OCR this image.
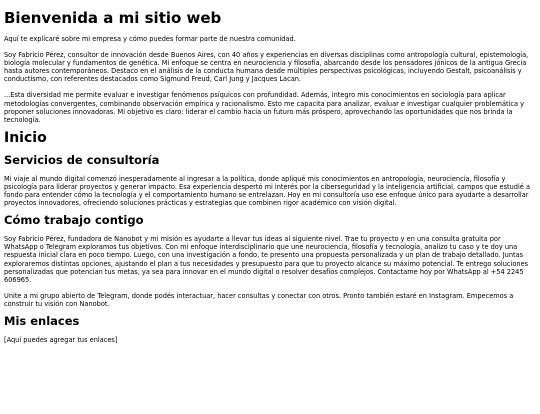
Bienvenida a mi sitio web

Aquí te explicaré sobre mi empresa y cómo puedes formar parte de nuestra comunidad.

Soy Fabricio Pérez, consultor de innovación desde Buenos Aires, con 40 años y experiencias en diversas disciplinas como antropología cultural, epistemología, biología molecular y fundamentos de genética. Mi enfoque se centra en neurociencia y filosofía, abarcando desde los pensadores jónicos de la antigua Grecia hasta autores contemporáneos. Destaco en el análisis de la conducta humana desde múltiples perspectivas psicológicas, incluyendo Gestalt, psicoanálisis y conductismo, con referentes destacados como Sigmund Freud, Carl Jung y Jacques Lacan.

...Esta diversidad me permite evaluar e investigar fenómenos psíquicos con profundidad. Además, integro mis conocimientos en sociología para aplicar metodologías convergentes, combinando observación empírica y racionalismo. Esto me capacita para analizar, evaluar e investigar cualquier problemática y proponer soluciones innovadoras. Mi objetivo es claro: liderar el cambio hacia un futuro más próspero, aprovechando las oportunidades que nos brinda la tecnología.

Inicio
Servicios de consultoría

Mi viaje al mundo digital comenzó inesperadamente al ingresar a la política, donde apliqué mis conocimientos en antropología, neurociencia, filosofía y psicología para liderar proyectos y generar impacto. Esa experiencia despertó mi interés por la ciberseguridad y la inteligencia artificial, campos que estudié a fondo para entender cómo la tecnología y el comportamiento humano se entrelazan. Hoy en mi consultoría uso ese enfoque único para ayudarte a desarrollar proyectos innovadores, ofreciendo soluciones prácticas y estrategias que combinen rigor académico con visión digital.

Cómo trabajo contigo

Soy Fabricio Pérez, fundadora de Nanobot y mi misión es ayudarte a llevar tus ideas al siguiente nivel. Trae tu proyecto y en una consulta gratuita por WhatsApp o Telegram exploramos tus objetivos. Con mi enfoque interdisciplinario que une neurociencia, filosofía y tecnología, analizo tu caso y te doy una respuesta inicial clara en poco tiempo. Luego, con una investigación a fondo, te presento una propuesta personalizada y un plan de trabajo detallado. Juntas exploraremos distintas opciones, ajustando el plan a tus necesidades y presupuesto para que tu proyecto alcance su máximo potencial. Te entrego soluciones personalizadas que potencian tus metas, ya sea para innovar en el mundo digital o resolver desafíos complejos. Contactame hoy por WhatsApp al +54 2245 606965.

Unite a mi grupo abierto de Telegram, donde podés interactuar, hacer consultas y conectar con otros. Pronto también estaré en Instagram. Empecemos a construir tu visión con Nanobot.

Mis enlaces

[Aquí puedes agregar tus enlaces]
